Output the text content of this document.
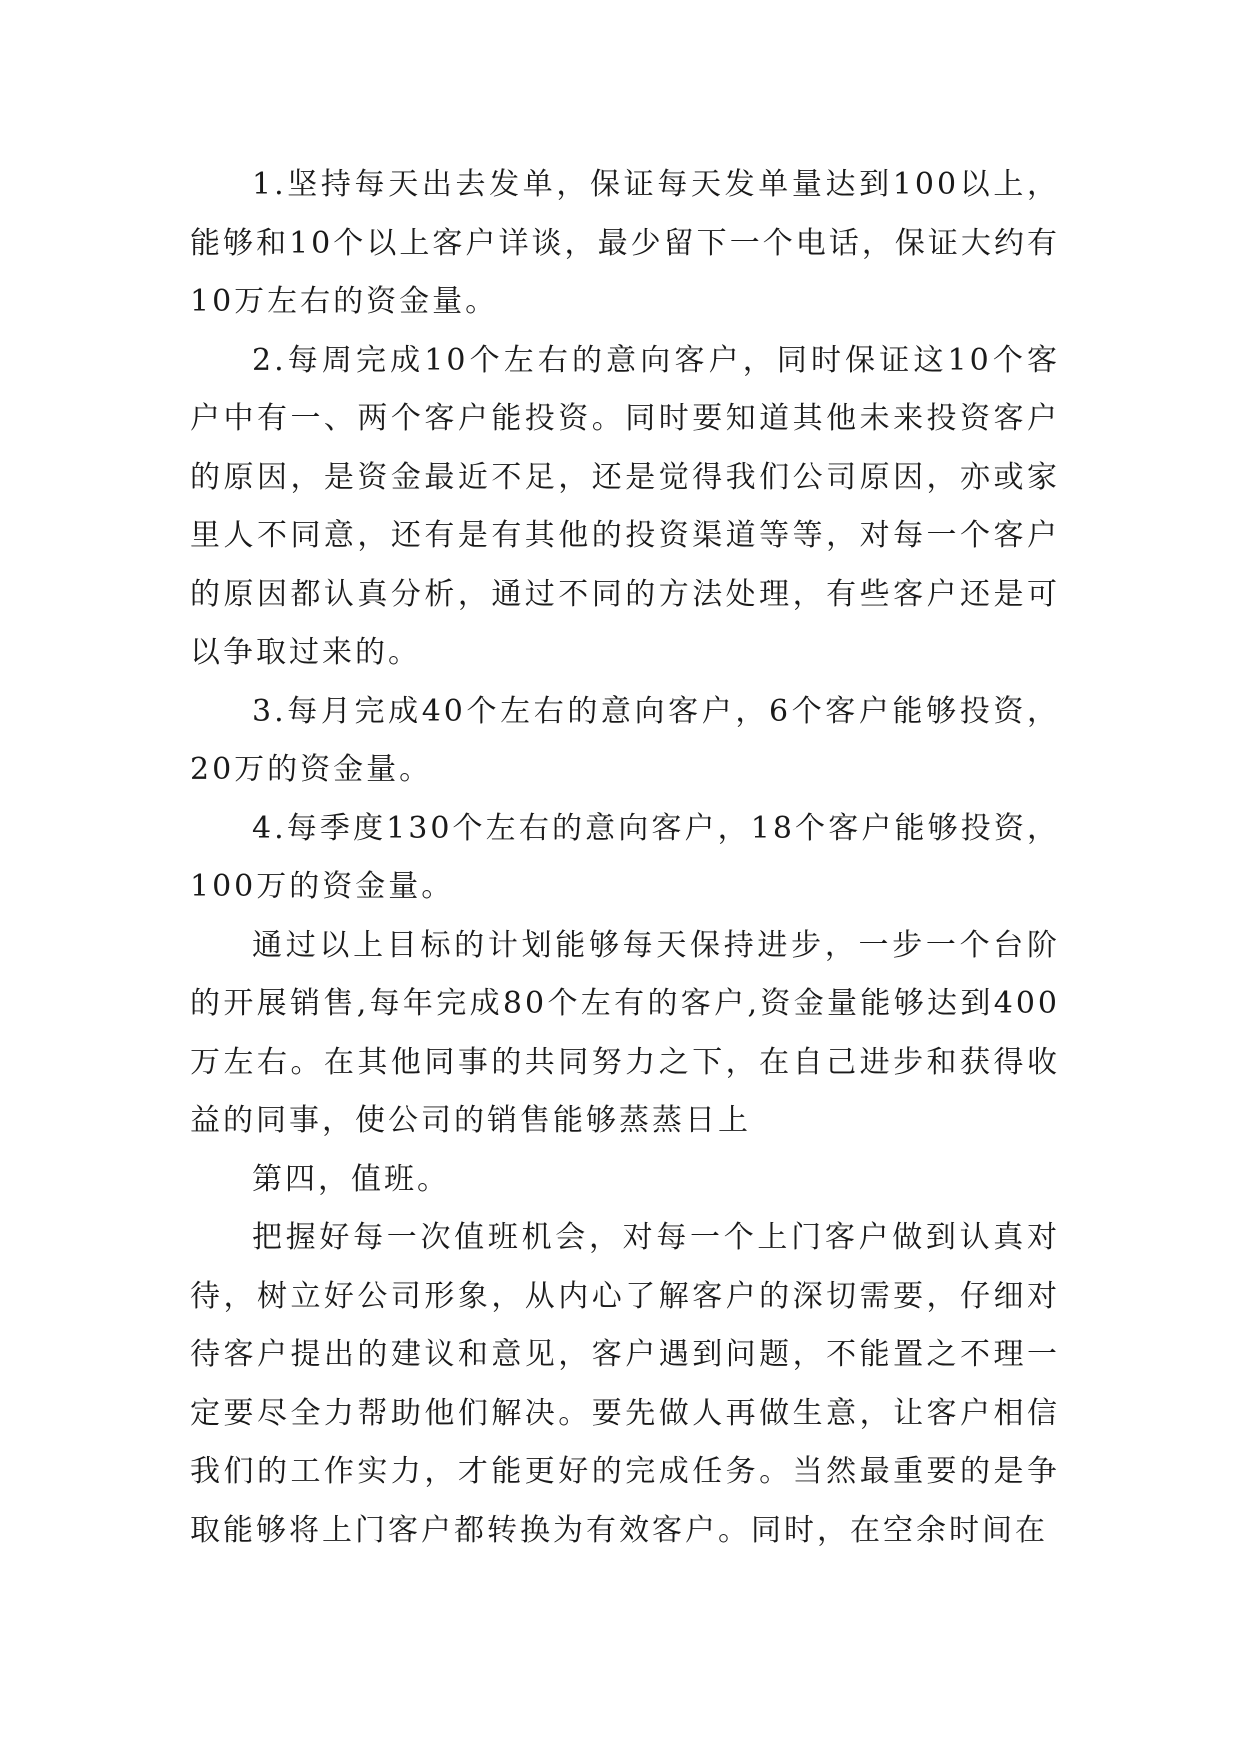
1.坚持每天出去发单，保证每天发单量达到100以上，能够和10个以上客户详谈，最少留下一个电话，保证大约有10万左右的资金量。

2.每周完成10个左右的意向客户，同时保证这10个客户中有一、两个客户能投资。同时要知道其他未来投资客户的原因，是资金最近不足，还是觉得我们公司原因，亦或家里人不同意，还有是有其他的投资渠道等等，对每一个客户的原因都认真分析，通过不同的方法处理，有些客户还是可以争取过来的。

3.每月完成40个左右的意向客户，6个客户能够投资，20万的资金量。

4.每季度130个左右的意向客户，18个客户能够投资，100万的资金量。

通过以上目标的计划能够每天保持进步，一步一个台阶的开展销售,每年完成80个左有的客户,资金量能够达到400万左右。在其他同事的共同努力之下，在自己进步和获得收益的同事，使公司的销售能够蒸蒸日上

第四，值班。

把握好每一次值班机会，对每一个上门客户做到认真对待，树立好公司形象，从内心了解客户的深切需要，仔细对待客户提出的建议和意见，客户遇到问题，不能置之不理一定要尽全力帮助他们解决。要先做人再做生意，让客户相信我们的工作实力，才能更好的完成任务。当然最重要的是争取能够将上门客户都转换为有效客户。同时，在空余时间在
